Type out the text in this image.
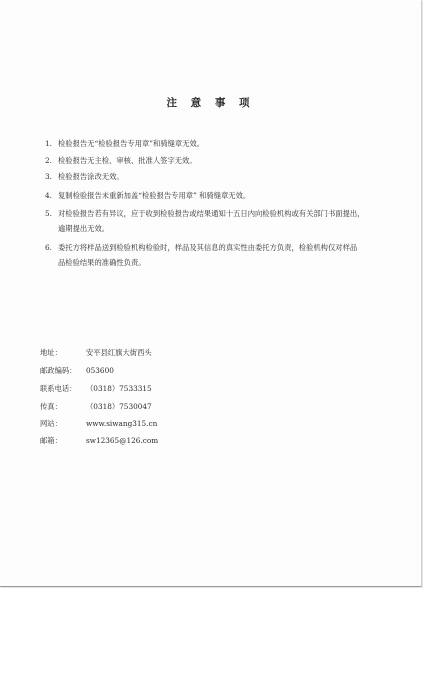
注 意 事 项
1. 检验报告无“检验报告专用章”和骑缝章无效。
2. 检验报告无主检、审核、批准人签字无效。
3. 检验报告涂改无效。
4. 复制检验报告未重新加盖“检验报告专用章” 和骑缝章无效。
5. 对检验报告若有异议，应于收到检验报告或结果通知十五日内向检验机构或有关部门书面提出，
逾期提出无效。
6. 委托方将样品送到检验机构检验时，样品及其信息的真实性由委托方负责，检验机构仅对样品
品检验结果的准确性负责。
地址：	安平县红旗大街西头
邮政编码：	053600
联系电话：	（0318）7533315
传真：	（0318）7530047
网站：	www.siwang315.cn
邮箱：	sw12365@126.com
